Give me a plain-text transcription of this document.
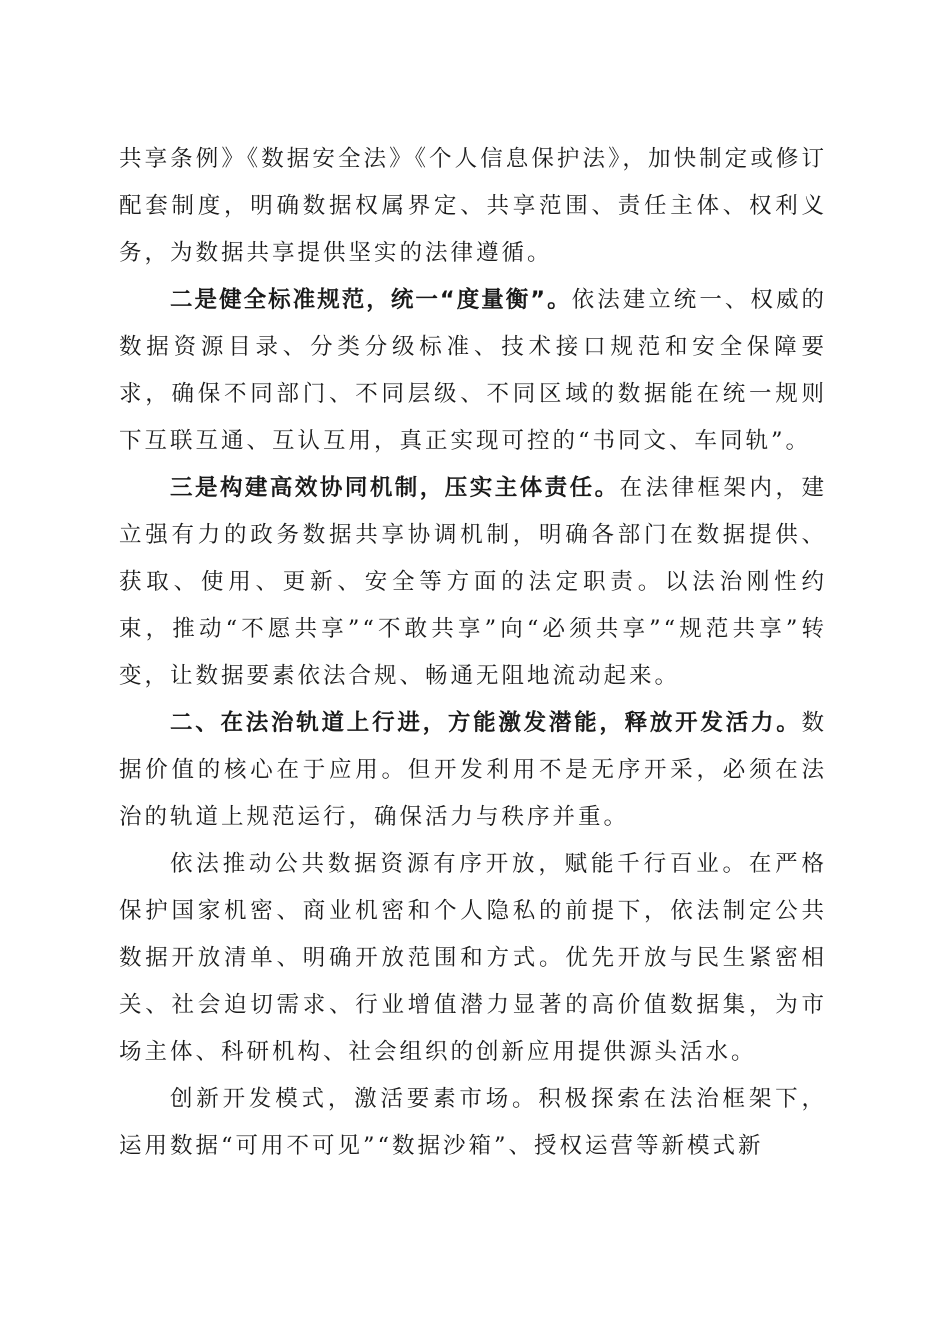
共享条例》《数据安全法》《个人信息保护法》，加快制定或修订配套制度，明确数据权属界定、共享范围、责任主体、权利义务，为数据共享提供坚实的法律遵循。

二是健全标准规范，统一“度量衡”。依法建立统一、权威的数据资源目录、分类分级标准、技术接口规范和安全保障要求，确保不同部门、不同层级、不同区域的数据能在统一规则下互联互通、互认互用，真正实现可控的“书同文、车同轨”。

三是构建高效协同机制，压实主体责任。在法律框架内，建立强有力的政务数据共享协调机制，明确各部门在数据提供、获取、使用、更新、安全等方面的法定职责。以法治刚性约束，推动“不愿共享”“不敢共享”向“必须共享”“规范共享”转变，让数据要素依法合规、畅通无阻地流动起来。

二、在法治轨道上行进，方能激发潜能，释放开发活力。数据价值的核心在于应用。但开发利用不是无序开采，必须在法治的轨道上规范运行，确保活力与秩序并重。

依法推动公共数据资源有序开放，赋能千行百业。在严格保护国家机密、商业机密和个人隐私的前提下，依法制定公共数据开放清单、明确开放范围和方式。优先开放与民生紧密相关、社会迫切需求、行业增值潜力显著的高价值数据集，为市场主体、科研机构、社会组织的创新应用提供源头活水。

创新开发模式，激活要素市场。积极探索在法治框架下，运用数据“可用不可见”“数据沙箱”、授权运营等新模式新
